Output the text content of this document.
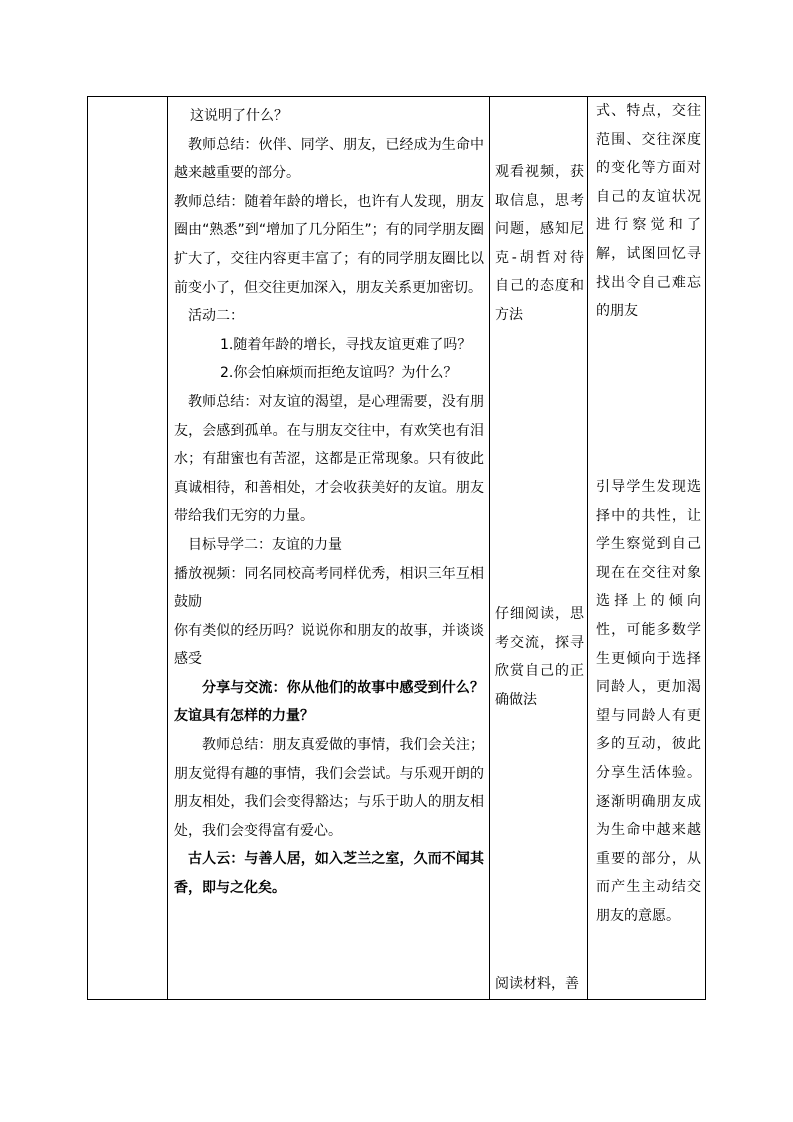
这说明了什么？

教师总结：伙伴、同学、朋友，已经成为生命中越来越重要的部分。

教师总结：随着年龄的增长，也许有人发现，朋友圈由“熟悉”到“增加了几分陌生”；有的同学朋友圈扩大了，交往内容更丰富了；有的同学朋友圈比以前变小了，但交往更加深入，朋友关系更加密切。

活动二：

1.随着年龄的增长，寻找友谊更难了吗？

2.你会怕麻烦而拒绝友谊吗？为什么？

教师总结：对友谊的渴望，是心理需要，没有朋友，会感到孤单。在与朋友交往中，有欢笑也有泪水；有甜蜜也有苦涩，这都是正常现象。只有彼此真诚相待，和善相处，才会收获美好的友谊。朋友带给我们无穷的力量。

目标导学二：友谊的力量

播放视频：同名同校高考同样优秀，相识三年互相鼓励

你有类似的经历吗？说说你和朋友的故事，并谈谈感受

分享与交流：你从他们的故事中感受到什么？友谊具有怎样的力量？

教师总结：朋友真爱做的事情，我们会关注；朋友觉得有趣的事情，我们会尝试。与乐观开朗的朋友相处，我们会变得豁达；与乐于助人的朋友相处，我们会变得富有爱心。

古人云：与善人居，如入芝兰之室，久而不闻其香，即与之化矣。

观看视频，获取信息，思考问题，感知尼克-胡哲对待自己的态度和方法

仔细阅读，思考交流，探寻欣赏自己的正确做法

阅读材料，善

式、特点，交往范围、交往深度的变化等方面对自己的友谊状况进行察觉和了解，试图回忆寻找出令自己难忘的朋友

引导学生发现选择中的共性，让学生察觉到自己现在在交往对象选择上的倾向性，可能多数学生更倾向于选择同龄人，更加渴望与同龄人有更多的互动，彼此分享生活体验。逐渐明确朋友成为生命中越来越重要的部分，从而产生主动结交朋友的意愿。
